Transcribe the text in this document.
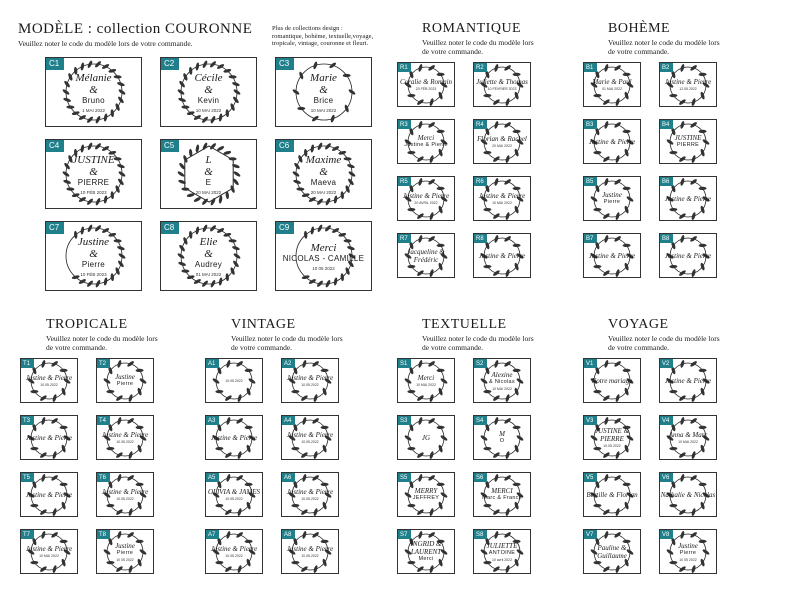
MODÈLE : collection COURONNE
Veuillez noter le code du modèle lors de votre commande.
Plus de collections design :
romantique, bohème, textuelle,voyage,
tropicale, vintage, couronne et fleuri.
Mélanie
&
Bruno
1 MAI 2022
C1
Cécile
&
Kevin
10 MAI 2022
C2
Marie
&
Brice
10 MAI 2022
C3
JUSTINE
&
PIERRE
10 FÉB 2023
C4
L
&
E
20 MAI 2022
C5
Maxime
&
Maeva
20 MAI 2022
C6
Justine
&
Pierre
10 FÉB 2023
C7
Elie
&
Audrey
01 MAI 2022
C8
Merci
NICOLAS - CAMILLE
10 05 2022
C9
ROMANTIQUE
Veuillez noter le code du modèle lors
de votre commande.
Coralie & Romain
20 FÉB 2023
R1
Juliette & Thomas
10 FÉVRIER 2023
R2
Merci
Justine & Pierre
R3
Florian & Rachel
20 MAI 2022
R4
Justine & Pierre
20 AVRIL 2022
R5
Justine & Pierre
10 MAI 2022
R6
Jacqueline & Frédéric
R7
Justine & Pierre
R8
BOHÈME
Veuillez noter le code du modèle lors
de votre commande.
Marie & Paul
01 MAI 2022
B1
Justine & Pierre
12.05.2022
B2
Justine & Pierre
B3
JUSTINE
PIERRE
B4
Justine
Pierre
B5
Justine & Pierre
B6
Justine & Pierre
B7
Justine & Pierre
B8
TROPICALE
Veuillez noter le code du modèle lors
de votre commande.
Justine & Pierre
10.05.2022
T1
Justine
Pierre
T2
Justine & Pierre
T3
Justine & Pierre
10.05.2022
T4
Justine & Pierre
T5
Justine & Pierre
10.05.2022
T6
Justine & Pierre
10 MAI 2022
T7
Justine
Pierre
10 05 2022
T8
VINTAGE
Veuillez noter le code du modèle lors
de votre commande.
10.05.2022
A1
Justine & Pierre
10.05.2022
A2
Justine & Pierre
A3
Justine & Pierre
10.05.2022
A4
OLIVIA & JAMES
10.05.2022
A5
Justine & Pierre
10.05.2022
A6
Justine & Pierre
10.05.2022
A7
Justine & Pierre
10.05.2022
A8
TEXTUELLE
Veuillez noter le code du modèle lors
de votre commande.
Merci
10 MAI 2022
S1
Alexine
& Nicolas
10 MAI 2022
S2
JG
S3
M
O
S4
MERRY
JEFFREY
S5
MERCI
Marc & Franck
S6
INGRID & LAURENT
Merci
S7
JULIETTE
ANTOINE
10 avril 2022
S8
VOYAGE
Veuillez noter le code du modèle lors
de votre commande.
Notre mariage
V1
Justine & Pierre
V2
JUSTINE & PIERRE
10.05.2022
V3
Anna & Marc
10 MAI 2022
V4
Bertille & Florian
V5
Nathalie & Nicolas
V6
Pauline & Guillaume
V7
Justine
Pierre
10 05 2022
V8
